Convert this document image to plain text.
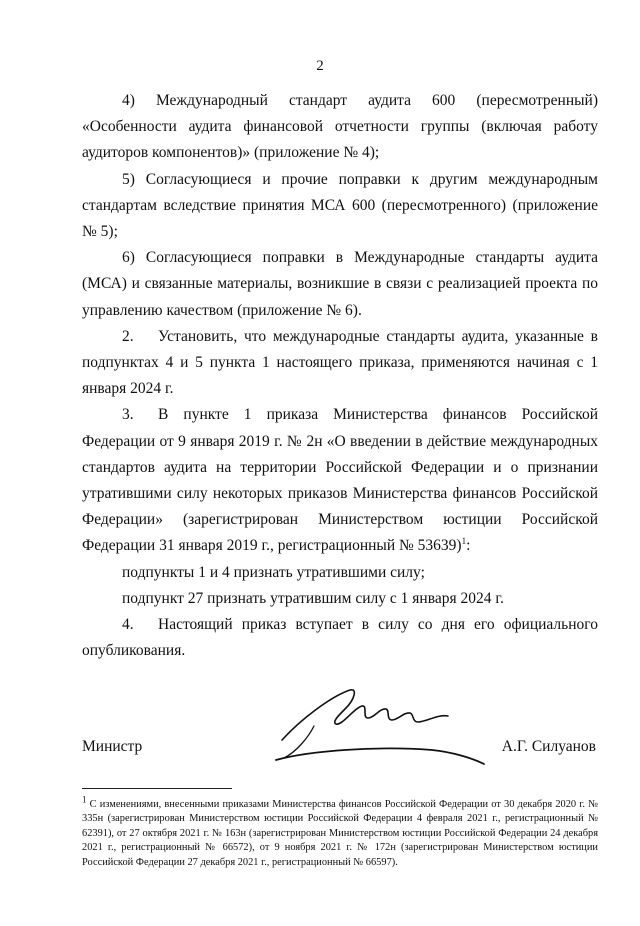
2

4) Международный стандарт аудита 600 (пересмотренный) «Особенности аудита финансовой отчетности группы (включая работу аудиторов компонентов)» (приложение № 4);

5) Согласующиеся и прочие поправки к другим международным стандартам вследствие принятия МСА 600 (пересмотренного) (приложение № 5);

6) Согласующиеся поправки в Международные стандарты аудита (МСА) и связанные материалы, возникшие в связи с реализацией проекта по управлению качеством (приложение № 6).

2. Установить, что международные стандарты аудита, указанные в подпунктах 4 и 5 пункта 1 настоящего приказа, применяются начиная с 1 января 2024 г.

3. В пункте 1 приказа Министерства финансов Российской Федерации от 9 января 2019 г. № 2н «О введении в действие международных стандартов аудита на территории Российской Федерации и о признании утратившими силу некоторых приказов Министерства финансов Российской Федерации» (зарегистрирован Министерством юстиции Российской Федерации 31 января 2019 г., регистрационный № 53639)$^1$:

подпункты 1 и 4 признать утратившими силу;

подпункт 27 признать утратившим силу с 1 января 2024 г.

4. Настоящий приказ вступает в силу со дня его официального опубликования.

Министр	А.Г. Силуанов
$^1$ С изменениями, внесенными приказами Министерства финансов Российской Федерации от 30 декабря 2020 г. № 335н (зарегистрирован Министерством юстиции Российской Федерации 4 февраля 2021 г., регистрационный № 62391), от 27 октября 2021 г. № 163н (зарегистрирован Министерством юстиции Российской Федерации 24 декабря 2021 г., регистрационный № 66572), от 9 ноября 2021 г. № 172н (зарегистрирован Министерством юстиции Российской Федерации 27 декабря 2021 г., регистрационный № 66597).
